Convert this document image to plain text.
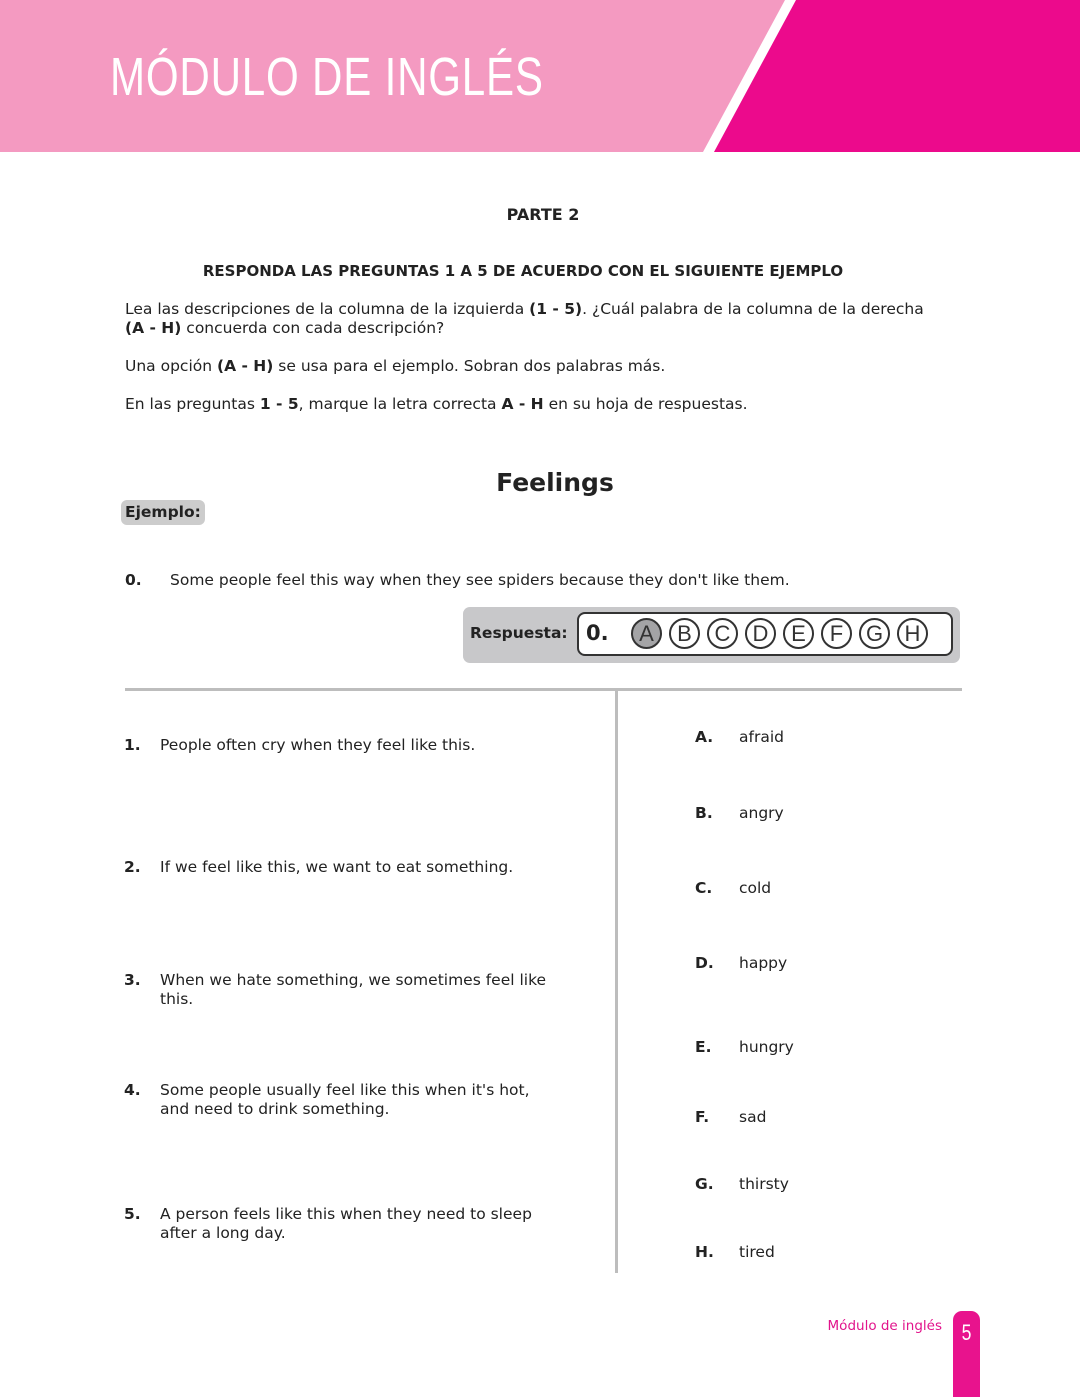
MÓDULO DE INGLÉS
PARTE 2
RESPONDA LAS PREGUNTAS 1 A 5 DE ACUERDO CON EL SIGUIENTE EJEMPLO
Lea las descripciones de la columna de la izquierda (1 - 5). ¿Cuál palabra de la columna de la derecha (A - H) concuerda con cada descripción?
Una opción (A - H) se usa para el ejemplo. Sobran dos palabras más.
En las preguntas 1 - 5, marque la letra correcta A - H en su hoja de respuestas.
Feelings
Ejemplo:
0. Some people feel this way when they see spiders because they don't like them.
Respuesta: 0.	A	B	C	D	E	F	G H
1. People often cry when they feel like this.
2. If we feel like this, we want to eat something.
3. When we hate something, we sometimes feel like this.
4. Some people usually feel like this when it's hot, and need to drink something.
5. A person feels like this when they need to sleep after a long day.
A. afraid
B. angry
C. cold
D. happy
E. hungry
F. sad
G. thirsty
H. tired
Módulo de inglés 5
